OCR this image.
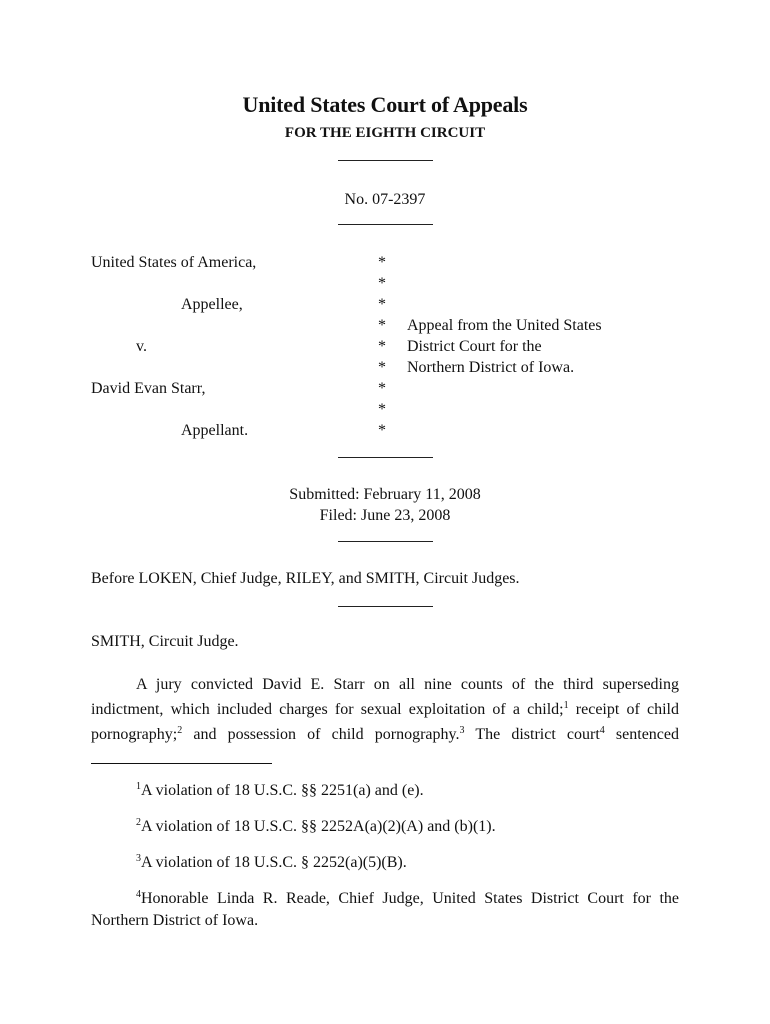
United States Court of Appeals
FOR THE EIGHTH CIRCUIT
No. 07-2397
United States of America,
Appellee,
v.
David Evan Starr,
Appellant.
*
*
*
*
*
*
*
*
*
Appeal from the United States
District Court for the
Northern District of Iowa.
Submitted: February 11, 2008
Filed: June 23, 2008
Before LOKEN, Chief Judge, RILEY, and SMITH, Circuit Judges.
SMITH, Circuit Judge.
A jury convicted David E. Starr on all nine counts of the third superseding
indictment, which included charges for sexual exploitation of a child;$^1$ receipt of child
pornography;$^2$ and possession of child pornography.$^3$ The district court$^4$ sentenced
$^1$A violation of 18 U.S.C. §§ 2251(a) and (e).
$^2$A violation of 18 U.S.C. §§ 2252A(a)(2)(A) and (b)(1).
$^3$A violation of 18 U.S.C. § 2252(a)(5)(B).
$^4$Honorable Linda R. Reade, Chief Judge, United States District Court for the
Northern District of Iowa.
